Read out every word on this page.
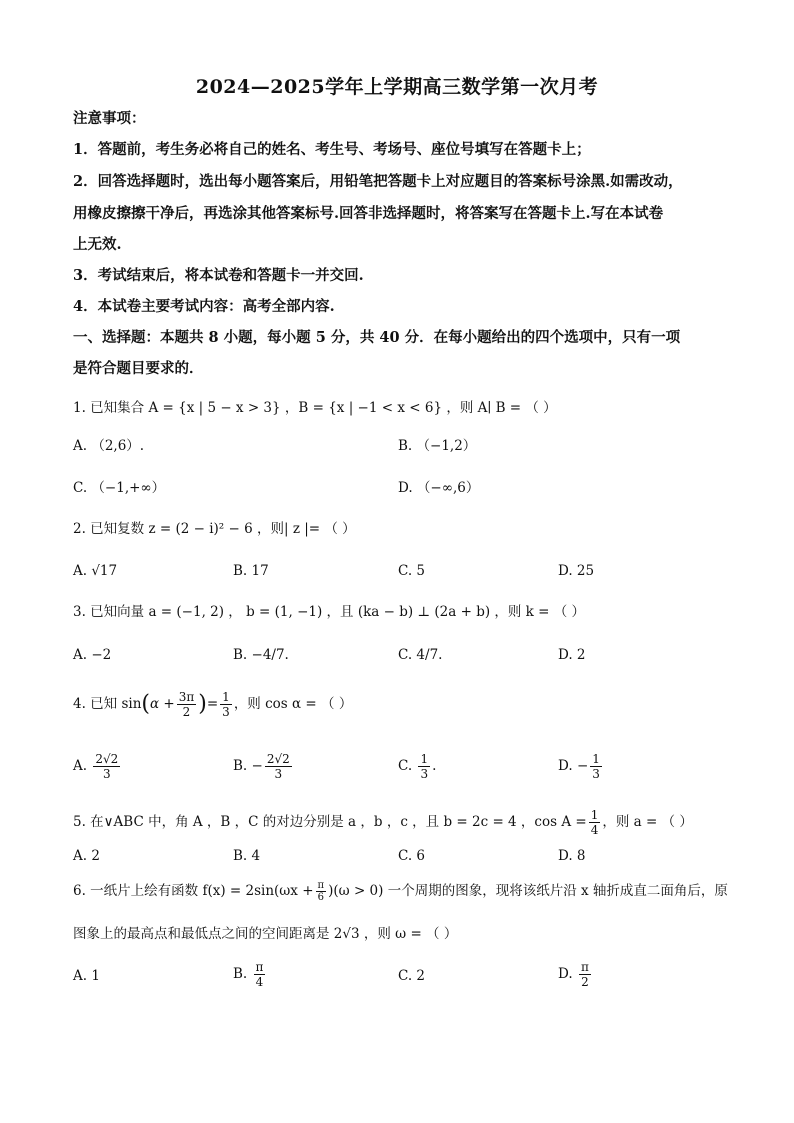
2024—2025学年上学期高三数学第一次月考
注意事项：
1．答题前，考生务必将自己的姓名、考生号、考场号、座位号填写在答题卡上；
2．回答选择题时，选出每小题答案后，用铅笔把答题卡上对应题目的答案标号涂黑.如需改动，
用橡皮擦擦干净后，再选涂其他答案标号.回答非选择题时，将答案写在答题卡上.写在本试卷
上无效.
3．考试结束后，将本试卷和答题卡一并交回.
4．本试卷主要考试内容：高考全部内容.
一、选择题：本题共 8 小题，每小题 5 分，共 40 分．在每小题给出的四个选项中，只有一项
是符合题目要求的．
1. 已知集合 A = {x | 5 − x > 3} ，B = {x | −1 < x < 6} ，则 A∣ B = （ ）
A. （2,6）.	B. （−1,2）
C. （−1,+∞）	D. （−∞,6）
2. 已知复数 z = (2 − i)² − 6 ，则| z |= （ ）
A. √17	B. 17	C. 5	D. 25
3. 已知向量 a = (−1, 2) ， b = (1, −1) ，且 (ka − b) ⊥ (2a + b) ，则 k = （ ）
A. −2	B. −4/7.	C. 4/7.	D. 2
4. 已知 $\sin(\alpha + \frac{3\pi}{2}$ )= $\frac{1}{3}$ ，则 cos α = （ ）
A. $\frac{2√2}{3}$	B. − $\frac{2√2}{3}$	C. $\frac{1}{3}$ .	D. − $\frac{1}{3}$
5. 在∨ABC 中，角 A ，B ，C 的对边分别是 a ，b ，c ，且 b = 2c = 4 ，$\cos A = \frac{1}{4}$ ，则 a = （ ）
A. 2	B. 4	C. 6	D. 8
6. 一纸片上绘有函数 $f(x) = 2\sin(\omega x + \frac{\pi}{6} )(\omega > 0)$ 一个周期的图象，现将该纸片沿 x 轴折成直二面角后，原
图象上的最高点和最低点之间的空间距离是 2√3 ，则 ω = （ ）
A. 1	B. $\frac{\pi}{4}$	C. 2	D. $\frac{\pi}{2}$
